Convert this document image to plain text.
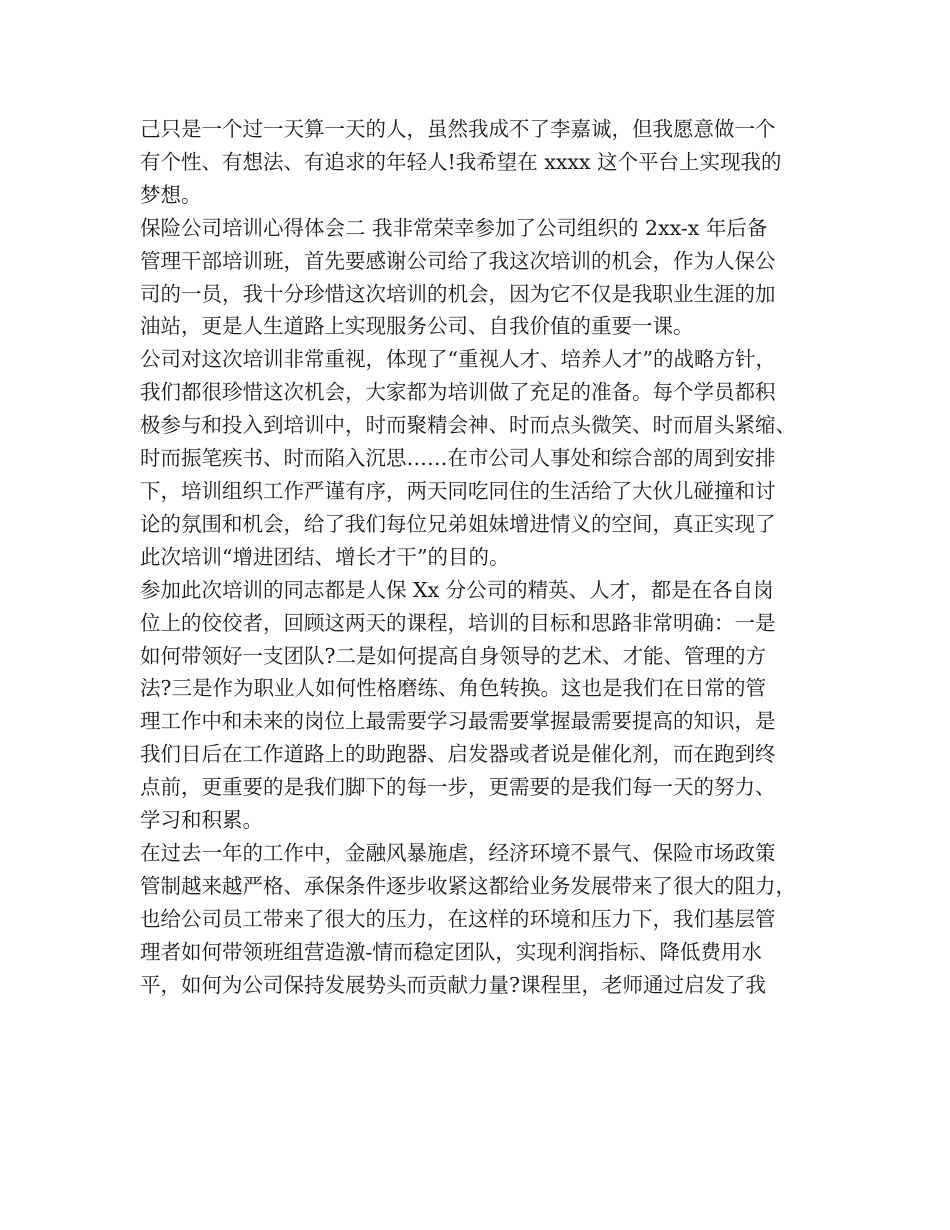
己只是一个过一天算一天的人，虽然我成不了李嘉诚，但我愿意做一个
有个性、有想法、有追求的年轻人!我希望在 xxxx 这个平台上实现我的
梦想。
保险公司培训心得体会二 我非常荣幸参加了公司组织的 2xx-x 年后备
管理干部培训班，首先要感谢公司给了我这次培训的机会，作为人保公
司的一员，我十分珍惜这次培训的机会，因为它不仅是我职业生涯的加
油站，更是人生道路上实现服务公司、自我价值的重要一课。
公司对这次培训非常重视，体现了“重视人才、培养人才”的战略方针，
我们都很珍惜这次机会，大家都为培训做了充足的准备。每个学员都积
极参与和投入到培训中，时而聚精会神、时而点头微笑、时而眉头紧缩、
时而振笔疾书、时而陷入沉思……在市公司人事处和综合部的周到安排
下，培训组织工作严谨有序，两天同吃同住的生活给了大伙儿碰撞和讨
论的氛围和机会，给了我们每位兄弟姐妹增进情义的空间，真正实现了
此次培训“增进团结、增长才干”的目的。
参加此次培训的同志都是人保 Xx 分公司的精英、人才，都是在各自岗
位上的佼佼者，回顾这两天的课程，培训的目标和思路非常明确：一是
如何带领好一支团队?二是如何提高自身领导的艺术、才能、管理的方
法?三是作为职业人如何性格磨练、角色转换。这也是我们在日常的管
理工作中和未来的岗位上最需要学习最需要掌握最需要提高的知识，是
我们日后在工作道路上的助跑器、启发器或者说是催化剂，而在跑到终
点前，更重要的是我们脚下的每一步，更需要的是我们每一天的努力、
学习和积累。
在过去一年的工作中，金融风暴施虐，经济环境不景气、保险市场政策
管制越来越严格、承保条件逐步收紧这都给业务发展带来了很大的阻力，
也给公司员工带来了很大的压力，在这样的环境和压力下，我们基层管
理者如何带领班组营造激-情而稳定团队，实现利润指标、降低费用水
平，如何为公司保持发展势头而贡献力量?课程里，老师通过启发了我
